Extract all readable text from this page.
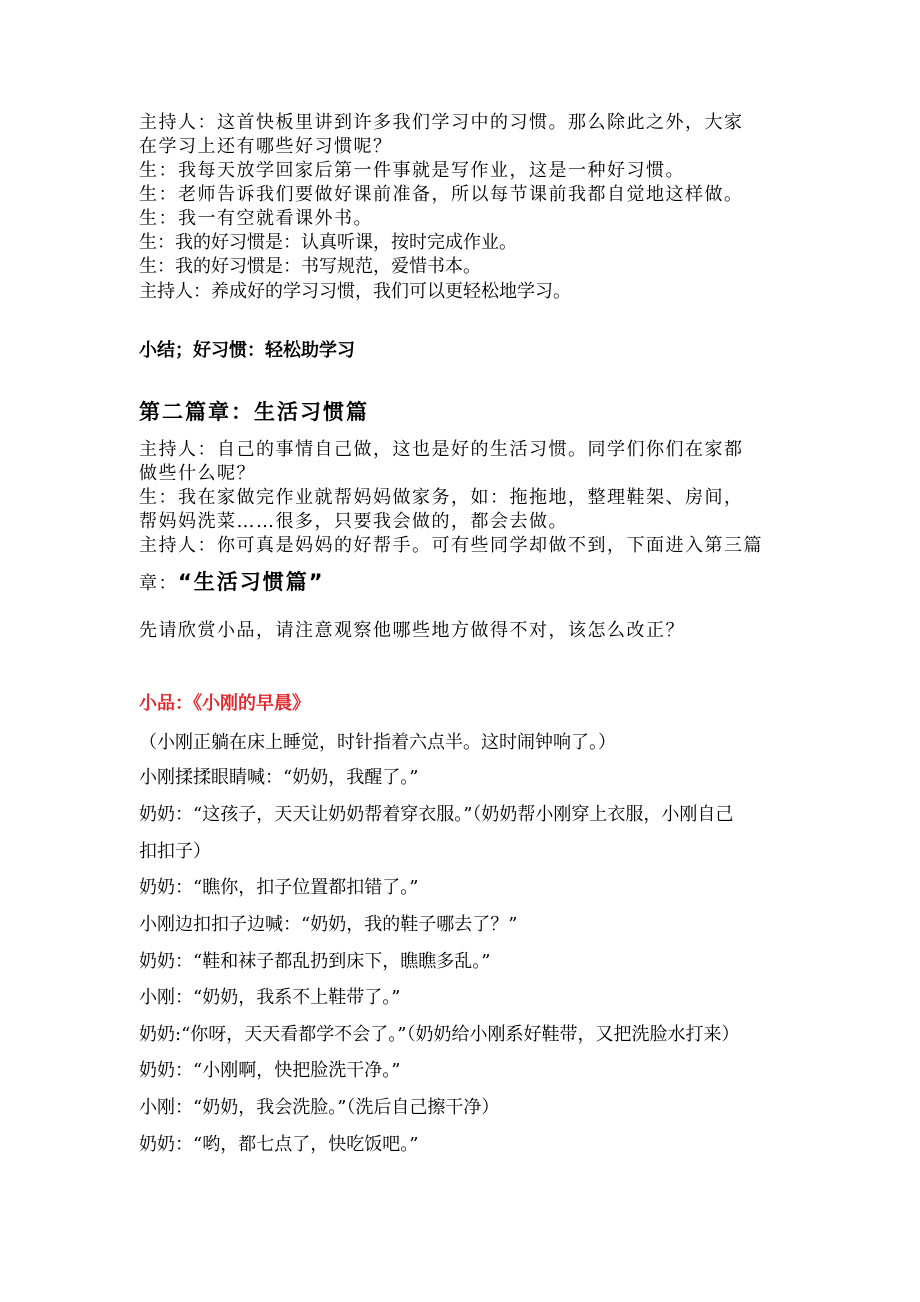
主持人：这首快板里讲到许多我们学习中的习惯。那么除此之外，大家
在学习上还有哪些好习惯呢？
生：我每天放学回家后第一件事就是写作业，这是一种好习惯。
生：老师告诉我们要做好课前准备，所以每节课前我都自觉地这样做。
生：我一有空就看课外书。
生：我的好习惯是：认真听课，按时完成作业。
生：我的好习惯是：书写规范，爱惜书本。
主持人：养成好的学习习惯，我们可以更轻松地学习。
小结；好习惯：轻松助学习
第二篇章：生活习惯篇
主持人：自己的事情自己做，这也是好的生活习惯。同学们你们在家都
做些什么呢？
生：我在家做完作业就帮妈妈做家务，如：拖拖地，整理鞋架、房间，
帮妈妈洗菜……很多，只要我会做的，都会去做。
主持人：你可真是妈妈的好帮手。可有些同学却做不到，下面进入第三篇
章：“生活习惯篇”
先请欣赏小品，请注意观察他哪些地方做得不对，该怎么改正？
小品：《小刚的早晨》
（小刚正躺在床上睡觉，时针指着六点半。这时闹钟响了。）
小刚揉揉眼睛喊：“奶奶，我醒了。”
奶奶：“这孩子，天天让奶奶帮着穿衣服。”（奶奶帮小刚穿上衣服，小刚自己
扣扣子）
奶奶：“瞧你，扣子位置都扣错了。”
小刚边扣扣子边喊：“奶奶，我的鞋子哪去了？”
奶奶：“鞋和袜子都乱扔到床下，瞧瞧多乱。”
小刚：“奶奶，我系不上鞋带了。”
奶奶:“你呀，天天看都学不会了。”（奶奶给小刚系好鞋带，又把洗脸水打来）
奶奶：“小刚啊，快把脸洗干净。”
小刚：“奶奶，我会洗脸。”（洗后自己擦干净）
奶奶：“哟，都七点了，快吃饭吧。”
